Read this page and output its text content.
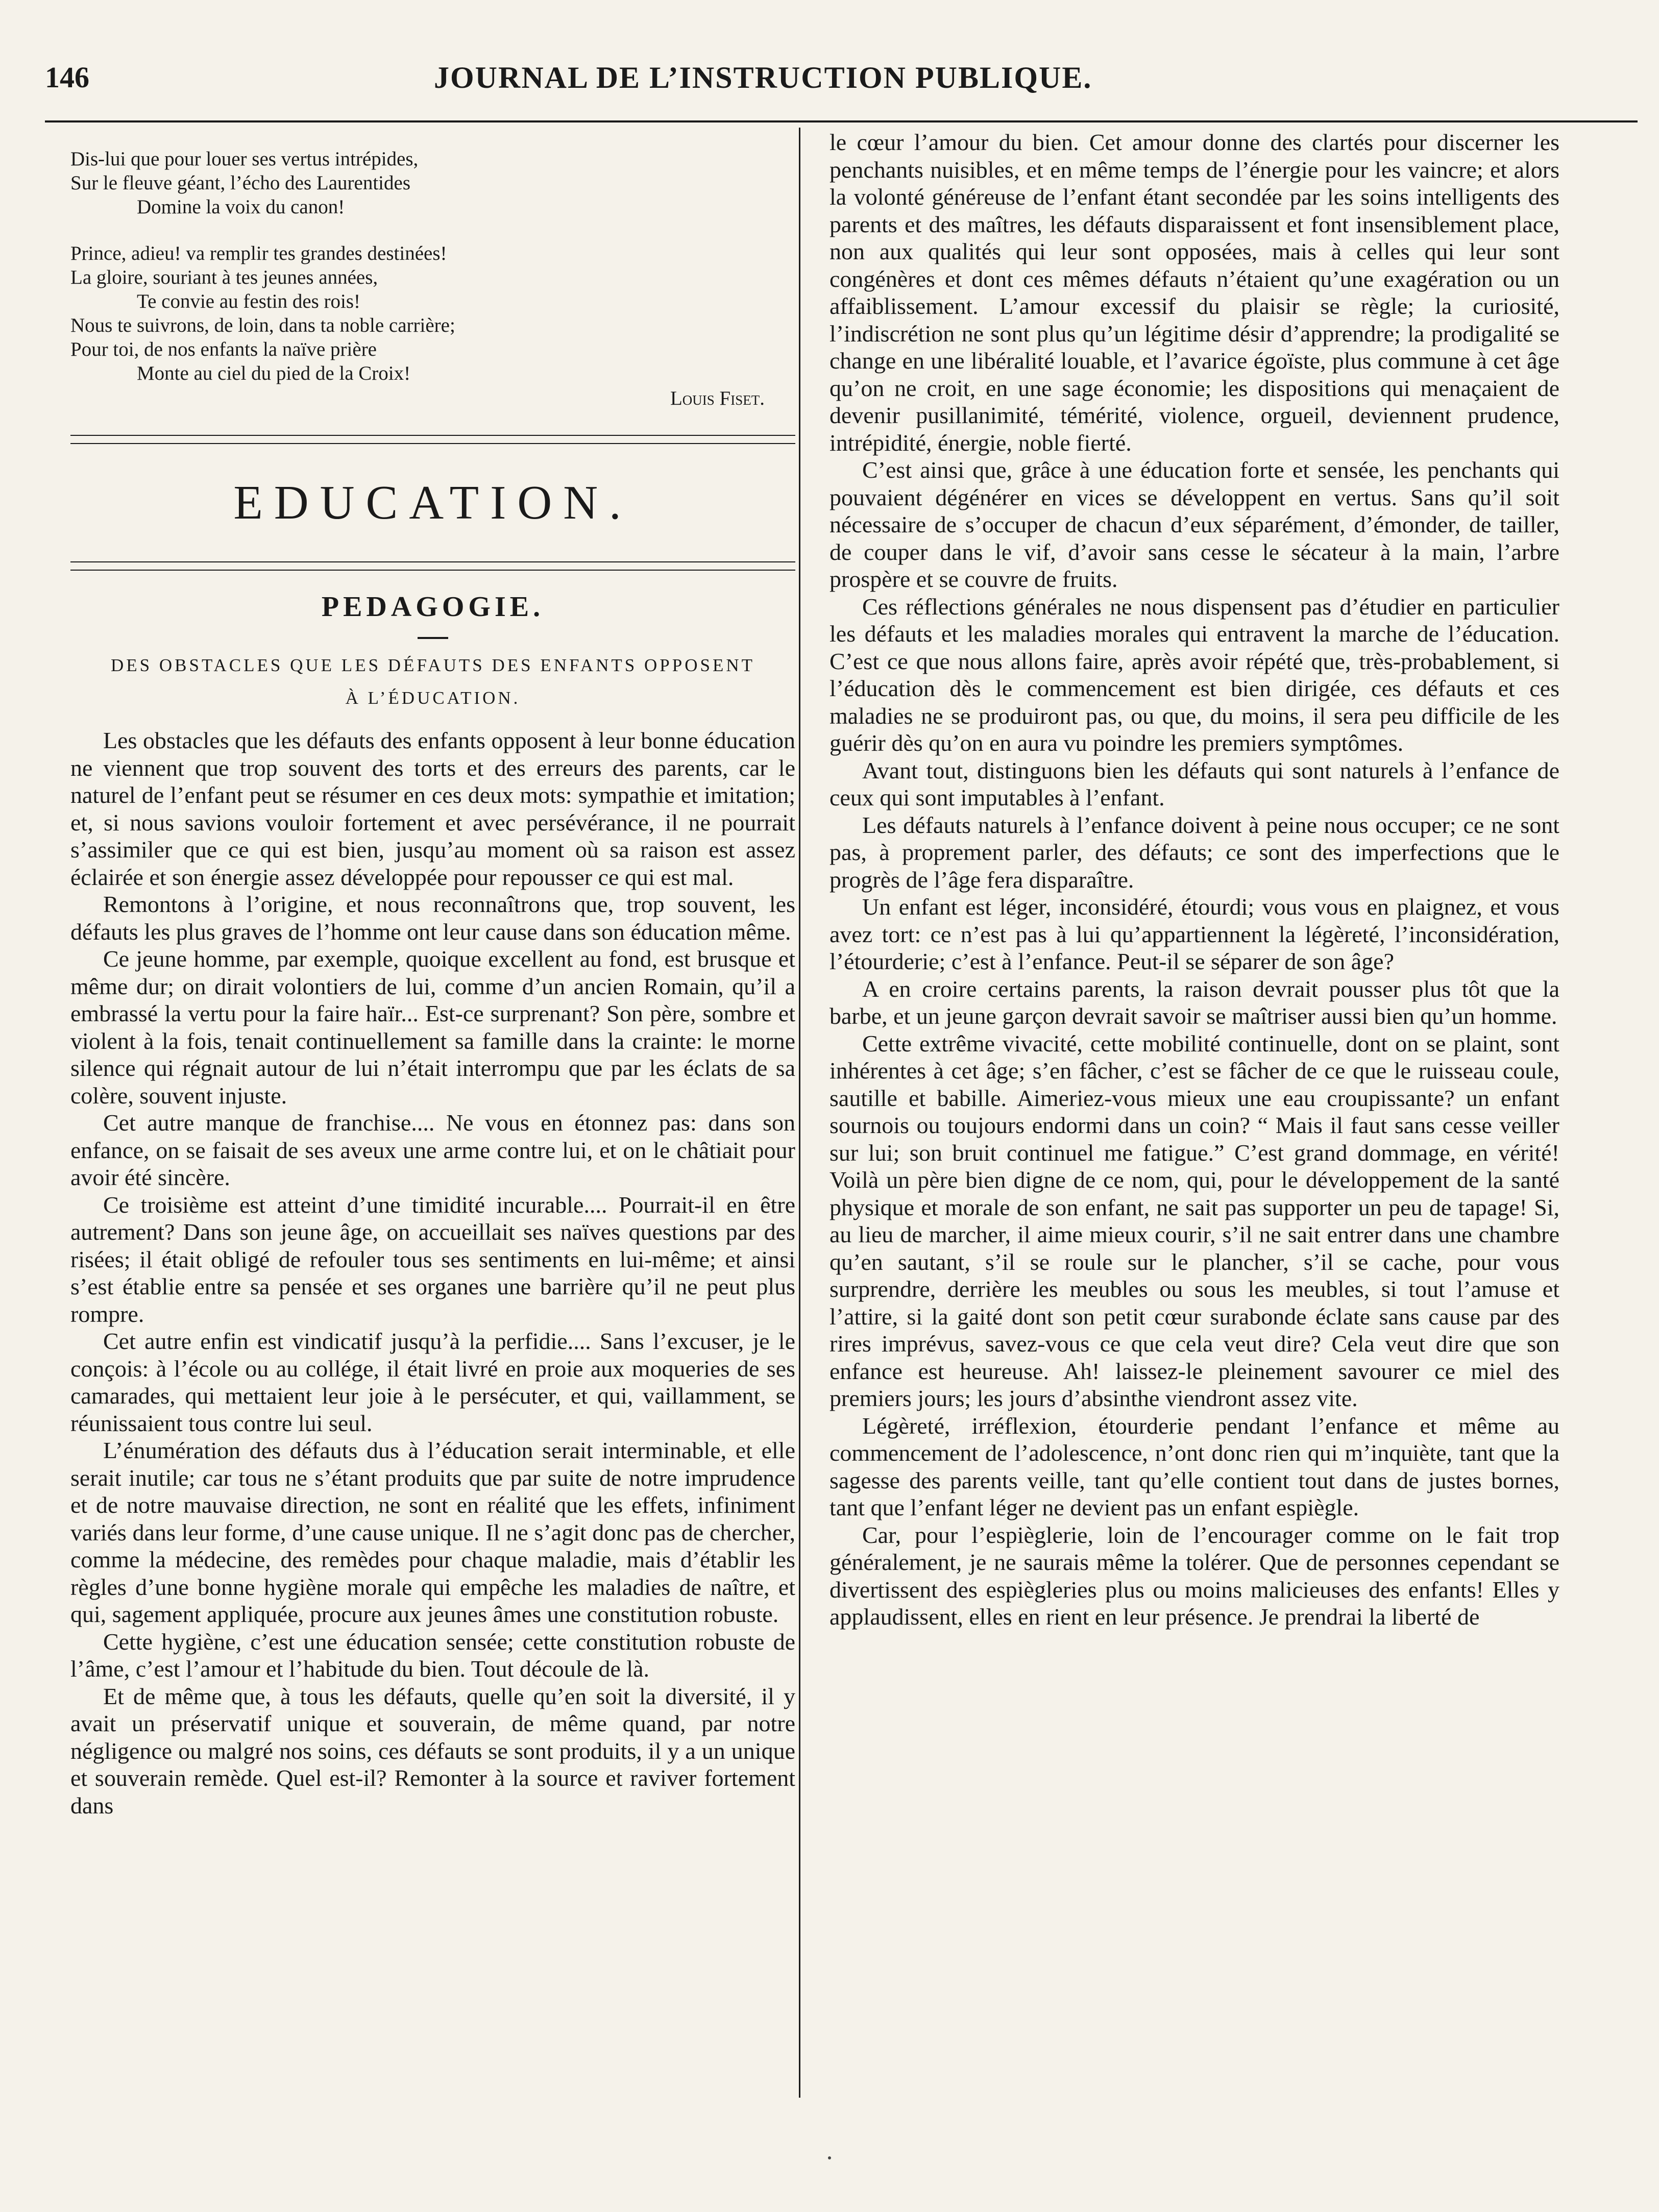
146	JOURNAL DE L’INSTRUCTION PUBLIQUE.
Dis-lui que pour louer ses vertus intrépides,
Sur le fleuve géant, l’écho des Laurentides
Domine la voix du canon!
Prince, adieu! va remplir tes grandes destinées!
La gloire, souriant à tes jeunes années,
Te convie au festin des rois!
Nous te suivrons, de loin, dans ta noble carrière;
Pour toi, de nos enfants la naïve prière
Monte au ciel du pied de la Croix!
Louis Fiset.
EDUCATION.
PEDAGOGIE.
DES OBSTACLES QUE LES DÉFAUTS DES ENFANTS OPPOSENT
À L’ÉDUCATION.

Les obstacles que les défauts des enfants opposent à leur bonne éducation ne viennent que trop souvent des torts et des erreurs des parents, car le naturel de l’enfant peut se résumer en ces deux mots: sympathie et imitation; et, si nous savions vouloir fortement et avec persévérance, il ne pourrait s’assimiler que ce qui est bien, jusqu’au moment où sa raison est assez éclairée et son énergie assez développée pour repousser ce qui est mal.

Remontons à l’origine, et nous reconnaîtrons que, trop souvent, les défauts les plus graves de l’homme ont leur cause dans son éducation même.

Ce jeune homme, par exemple, quoique excellent au fond, est brusque et même dur; on dirait volontiers de lui, comme d’un ancien Romain, qu’il a embrassé la vertu pour la faire haïr... Est-ce surprenant? Son père, sombre et violent à la fois, tenait continuellement sa famille dans la crainte: le morne silence qui régnait autour de lui n’était interrompu que par les éclats de sa colère, souvent injuste.

Cet autre manque de franchise.... Ne vous en étonnez pas: dans son enfance, on se faisait de ses aveux une arme contre lui, et on le châtiait pour avoir été sincère.

Ce troisième est atteint d’une timidité incurable.... Pourrait-il en être autrement? Dans son jeune âge, on accueillait ses naïves questions par des risées; il était obligé de refouler tous ses sentiments en lui-même; et ainsi s’est établie entre sa pensée et ses organes une barrière qu’il ne peut plus rompre.

Cet autre enfin est vindicatif jusqu’à la perfidie.... Sans l’excuser, je le conçois: à l’école ou au collége, il était livré en proie aux moqueries de ses camarades, qui mettaient leur joie à le persécuter, et qui, vaillamment, se réunissaient tous contre lui seul.

L’énumération des défauts dus à l’éducation serait interminable, et elle serait inutile; car tous ne s’étant produits que par suite de notre imprudence et de notre mauvaise direction, ne sont en réalité que les effets, infiniment variés dans leur forme, d’une cause unique. Il ne s’agit donc pas de chercher, comme la médecine, des remèdes pour chaque maladie, mais d’établir les règles d’une bonne hygiène morale qui empêche les maladies de naître, et qui, sagement appliquée, procure aux jeunes âmes une constitution robuste.

Cette hygiène, c’est une éducation sensée; cette constitution robuste de l’âme, c’est l’amour et l’habitude du bien. Tout découle de là.

Et de même que, à tous les défauts, quelle qu’en soit la diversité, il y avait un préservatif unique et souverain, de même quand, par notre négligence ou malgré nos soins, ces défauts se sont produits, il y a un unique et souverain remède. Quel est-il? Remonter à la source et raviver fortement dans

le cœur l’amour du bien. Cet amour donne des clartés pour discerner les penchants nuisibles, et en même temps de l’énergie pour les vaincre; et alors la volonté généreuse de l’enfant étant secondée par les soins intelligents des parents et des maîtres, les défauts disparaissent et font insensiblement place, non aux qualités qui leur sont opposées, mais à celles qui leur sont congénères et dont ces mêmes défauts n’étaient qu’une exagération ou un affaiblissement. L’amour excessif du plaisir se règle; la curiosité, l’indiscrétion ne sont plus qu’un légitime désir d’apprendre; la prodigalité se change en une libéralité louable, et l’avarice égoïste, plus commune à cet âge qu’on ne croit, en une sage économie; les dispositions qui menaçaient de devenir pusillanimité, témérité, violence, orgueil, deviennent prudence, intrépidité, énergie, noble fierté.

C’est ainsi que, grâce à une éducation forte et sensée, les penchants qui pouvaient dégénérer en vices se développent en vertus. Sans qu’il soit nécessaire de s’occuper de chacun d’eux séparément, d’émonder, de tailler, de couper dans le vif, d’avoir sans cesse le sécateur à la main, l’arbre prospère et se couvre de fruits.

Ces réflections générales ne nous dispensent pas d’étudier en particulier les défauts et les maladies morales qui entravent la marche de l’éducation. C’est ce que nous allons faire, après avoir répété que, très-probablement, si l’éducation dès le commencement est bien dirigée, ces défauts et ces maladies ne se produiront pas, ou que, du moins, il sera peu difficile de les guérir dès qu’on en aura vu poindre les premiers symptômes.

Avant tout, distinguons bien les défauts qui sont naturels à l’enfance de ceux qui sont imputables à l’enfant.

Les défauts naturels à l’enfance doivent à peine nous occuper; ce ne sont pas, à proprement parler, des défauts; ce sont des imperfections que le progrès de l’âge fera disparaître.

Un enfant est léger, inconsidéré, étourdi; vous vous en plaignez, et vous avez tort: ce n’est pas à lui qu’appartiennent la légèreté, l’inconsidération, l’étourderie; c’est à l’enfance. Peut-il se séparer de son âge?

A en croire certains parents, la raison devrait pousser plus tôt que la barbe, et un jeune garçon devrait savoir se maîtriser aussi bien qu’un homme.

Cette extrême vivacité, cette mobilité continuelle, dont on se plaint, sont inhérentes à cet âge; s’en fâcher, c’est se fâcher de ce que le ruisseau coule, sautille et babille. Aimeriez-vous mieux une eau croupissante? un enfant sournois ou toujours endormi dans un coin? “ Mais il faut sans cesse veiller sur lui; son bruit continuel me fatigue.” C’est grand dommage, en vérité! Voilà un père bien digne de ce nom, qui, pour le développement de la santé physique et morale de son enfant, ne sait pas supporter un peu de tapage! Si, au lieu de marcher, il aime mieux courir, s’il ne sait entrer dans une chambre qu’en sautant, s’il se roule sur le plancher, s’il se cache, pour vous surprendre, derrière les meubles ou sous les meubles, si tout l’amuse et l’attire, si la gaité dont son petit cœur surabonde éclate sans cause par des rires imprévus, savez-vous ce que cela veut dire? Cela veut dire que son enfance est heureuse. Ah! laissez-le pleinement savourer ce miel des premiers jours; les jours d’absinthe viendront assez vite.

Légèreté, irréflexion, étourderie pendant l’enfance et même au commencement de l’adolescence, n’ont donc rien qui m’inquiète, tant que la sagesse des parents veille, tant qu’elle contient tout dans de justes bornes, tant que l’enfant léger ne devient pas un enfant espiègle.

Car, pour l’espièglerie, loin de l’encourager comme on le fait trop généralement, je ne saurais même la tolérer. Que de personnes cependant se divertissent des espiègleries plus ou moins malicieuses des enfants! Elles y applaudissent, elles en rient en leur présence. Je prendrai la liberté de
